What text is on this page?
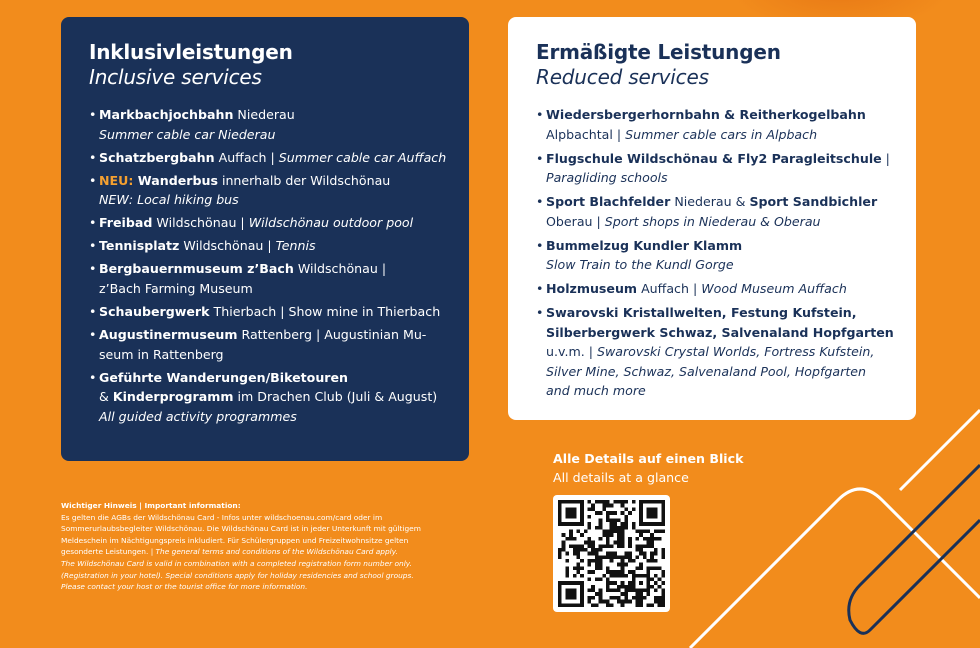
Inklusivleistungen
Inclusive services
• Markbachjochbahn Niederau
Summer cable car Niederau
• Schatzbergbahn Auffach | Summer cable car Auffach
• NEU: Wanderbus innerhalb der Wildschönau
NEW: Local hiking bus
• Freibad Wildschönau | Wildschönau outdoor pool
• Tennisplatz Wildschönau | Tennis
• Bergbauernmuseum z’Bach Wildschönau |
z’Bach Farming Museum
• Schaubergwerk Thierbach | Show mine in Thierbach
• Augustinermuseum Rattenberg | Augustinian Mu-
seum in Rattenberg
• Geführte Wanderungen/Biketouren
& Kinderprogramm im Drachen Club (Juli & August)
All guided activity programmes
Ermäßigte Leistungen
Reduced services
• Wiedersbergerhornbahn & Reitherkogelbahn
Alpbachtal | Summer cable cars in Alpbach
• Flugschule Wildschönau & Fly2 Paragleitschule |
Paragliding schools
• Sport Blachfelder Niederau & Sport Sandbichler
Oberau | Sport shops in Niederau & Oberau
• Bummelzug Kundler Klamm
Slow Train to the Kundl Gorge
• Holzmuseum Auffach | Wood Museum Auffach
• Swarovski Kristallwelten, Festung Kufstein,
Silberbergwerk Schwaz, Salvenaland Hopfgarten
u.v.m. | Swarovski Crystal Worlds, Fortress Kufstein,
Silver Mine, Schwaz, Salvenaland Pool, Hopfgarten
and much more
Wichtiger Hinweis | Important information:
Es gelten die AGBs der Wildschönau Card - Infos unter wildschoenau.com/card oder im
Sommerurlaubsbegleiter Wildschönau. Die Wildschönau Card ist in jeder Unterkunft mit gültigem
Meldeschein im Nächtigungspreis inkludiert. Für Schülergruppen und Freizeitwohnsitze gelten
gesonderte Leistungen. | The general terms and conditions of the Wildschönau Card apply.
The Wildschönau Card is valid in combination with a completed registration form number only.
(Registration in your hotel). Special conditions apply for holiday residencies and school groups.
Please contact your host or the tourist office for more information.
Alle Details auf einen Blick
All details at a glance
